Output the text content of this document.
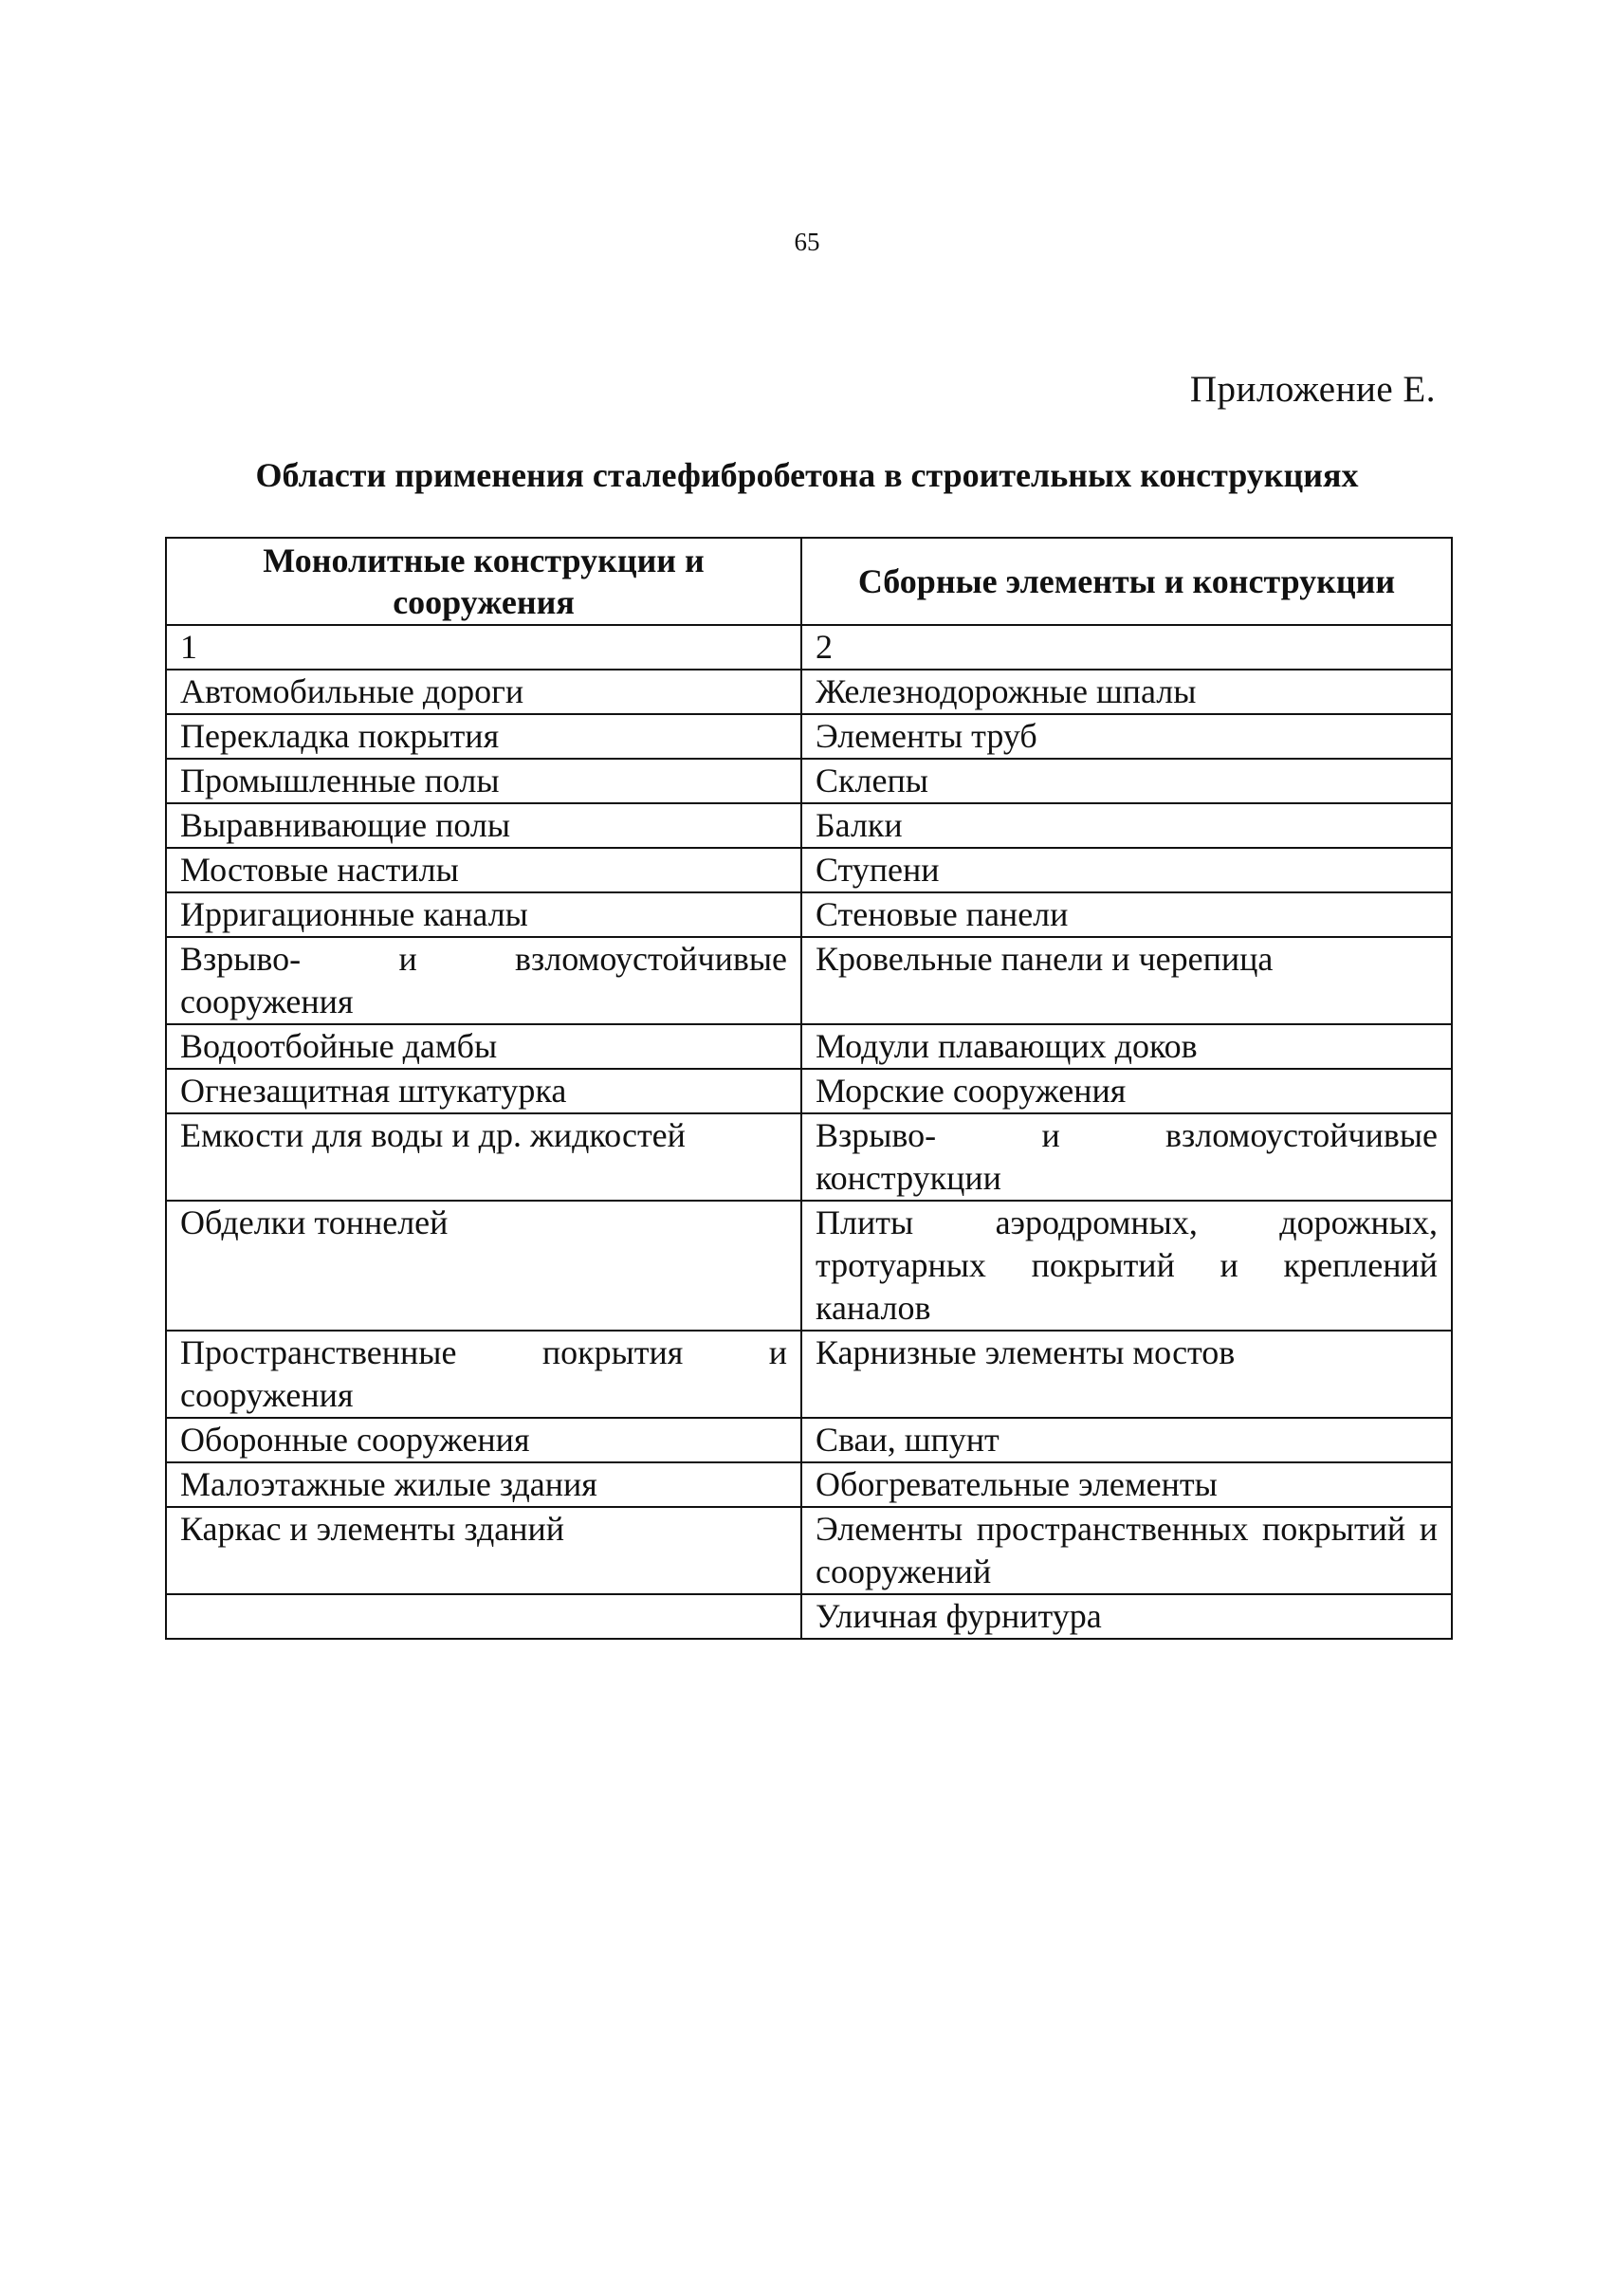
65
Приложение Е.
Области применения сталефибробетона в строительных конструкциях
Монолитные конструкции и сооружения	Сборные элементы и конструкции
1	2
Автомобильные дороги	Железнодорожные шпалы
Перекладка покрытия	Элементы труб
Промышленные полы	Склепы
Выравнивающие полы	Балки
Мостовые настилы	Ступени
Ирригационные каналы	Стеновые панели
Взрыво- и взломоустойчивые сооружения	Кровельные панели и черепица
Водоотбойные дамбы	Модули плавающих доков
Огнезащитная штукатурка	Морские сооружения
Емкости для воды и др. жидкостей	Взрыво- и взломоустойчивые конструкции
Обделки тоннелей	Плиты аэродромных, дорожных, тротуарных покрытий и креплений каналов
Пространственные покрытия и сооружения	Карнизные элементы мостов
Оборонные сооружения	Сваи, шпунт
Малоэтажные жилые здания	Обогревательные элементы
Каркас и элементы зданий	Элементы пространственных покрытий и сооружений
	Уличная фурнитура
